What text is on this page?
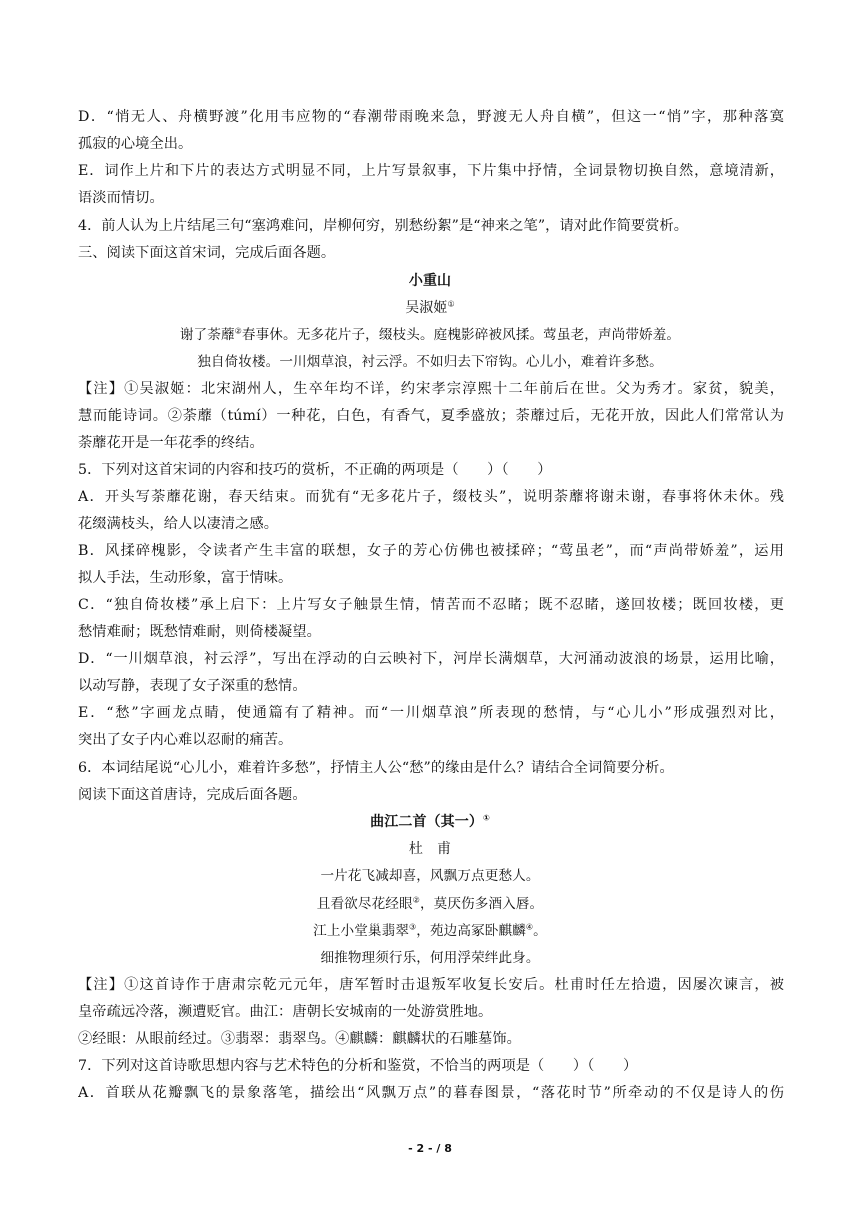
D．“悄无人、舟横野渡”化用韦应物的“春潮带雨晚来急，野渡无人舟自横”，但这一“悄”字，那种落寞
孤寂的心境全出。
E．词作上片和下片的表达方式明显不同，上片写景叙事，下片集中抒情，全词景物切换自然，意境清新，
语淡而情切。
4．前人认为上片结尾三句“塞鸿难问，岸柳何穷，别愁纷絮”是“神来之笔”，请对此作简要赏析。
三、阅读下面这首宋词，完成后面各题。
小重山
吴淑姬①
谢了荼蘼②春事休。无多花片子，缀枝头。庭槐影碎被风揉。莺虽老，声尚带娇羞。
独自倚妆楼。一川烟草浪，衬云浮。不如归去下帘钩。心儿小，难着许多愁。
【注】①吴淑姬：北宋湖州人，生卒年均不详，约宋孝宗淳熙十二年前后在世。父为秀才。家贫，貌美，
慧而能诗词。②荼蘼（túmí）一种花，白色，有香气，夏季盛放；荼蘼过后，无花开放，因此人们常常认为
荼蘼花开是一年花季的终结。
5．下列对这首宋词的内容和技巧的赏析，不正确的两项是（　　）（　　）
A．开头写荼蘼花谢，春天结束。而犹有“无多花片子，缀枝头”，说明荼蘼将谢未谢，春事将休未休。残
花缀满枝头，给人以凄清之感。
B．风揉碎槐影，令读者产生丰富的联想，女子的芳心仿佛也被揉碎；“莺虽老”，而“声尚带娇羞”，运用
拟人手法，生动形象，富于情味。
C．“独自倚妆楼”承上启下：上片写女子触景生情，情苦而不忍睹；既不忍睹，遂回妆楼；既回妆楼，更
愁情难耐；既愁情难耐，则倚楼凝望。
D．“一川烟草浪，衬云浮”，写出在浮动的白云映衬下，河岸长满烟草，大河涌动波浪的场景，运用比喻，
以动写静，表现了女子深重的愁情。
E．“愁”字画龙点睛，使通篇有了精神。而“一川烟草浪”所表现的愁情，与“心儿小”形成强烈对比，
突出了女子内心难以忍耐的痛苦。
6．本词结尾说“心儿小，难着许多愁”，抒情主人公“愁”的缘由是什么？请结合全词简要分析。
阅读下面这首唐诗，完成后面各题。
曲江二首（其一）①
杜　甫
一片花飞减却喜，风飘万点更愁人。
且看欲尽花经眼②，莫厌伤多酒入唇。
江上小堂巢翡翠③，苑边高冢卧麒麟④。
细推物理须行乐，何用浮荣绊此身。
【注】①这首诗作于唐肃宗乾元元年，唐军暂时击退叛军收复长安后。杜甫时任左拾遗，因屡次谏言，被
皇帝疏远冷落，濒遭贬官。曲江：唐朝长安城南的一处游赏胜地。
②经眼：从眼前经过。③翡翠：翡翠鸟。④麒麟：麒麟状的石雕墓饰。
7．下列对这首诗歌思想内容与艺术特色的分析和鉴赏，不恰当的两项是（　　）（　　）
A．首联从花瓣飘飞的景象落笔，描绘出“风飘万点”的暮春图景，“落花时节”所牵动的不仅是诗人的伤
- 2 - / 8
